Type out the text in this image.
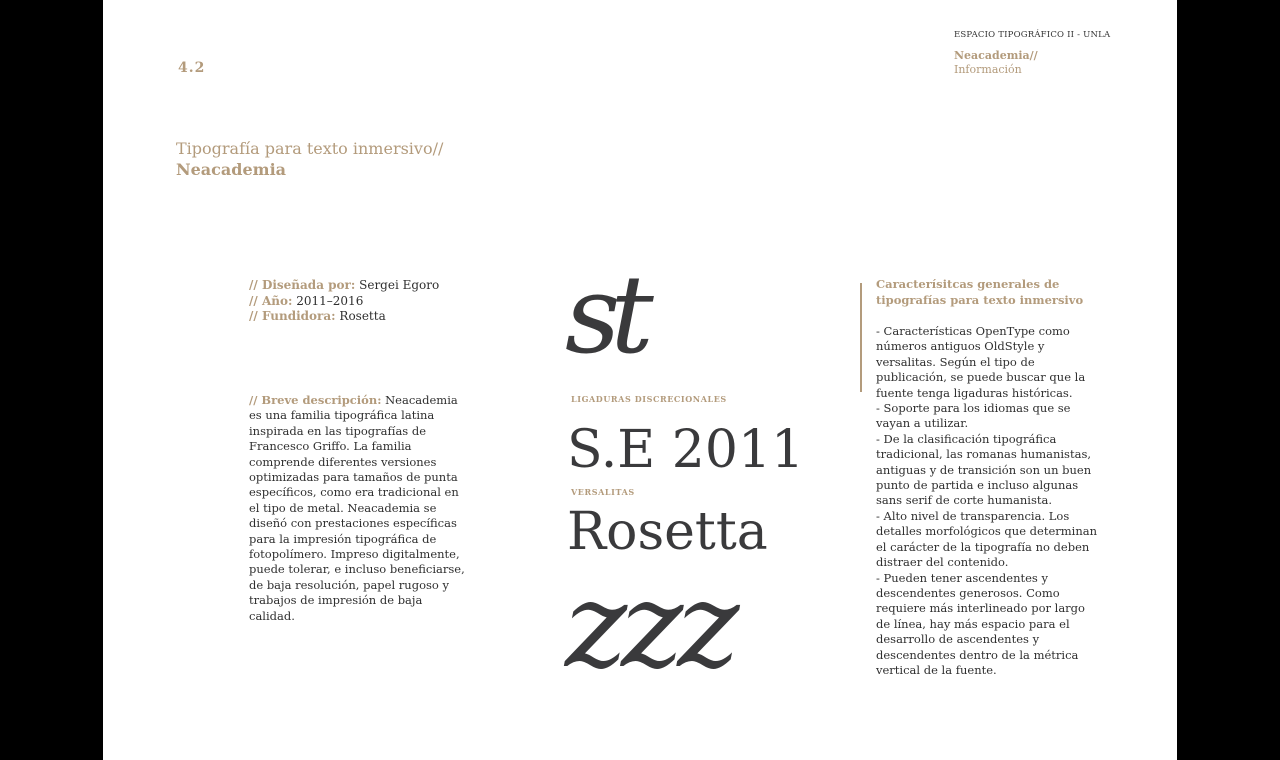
4.2
ESPACIO TIPOGRÁFICO II - UNLA
Neacademia//
Información
Tipografía para texto inmersivo//
Neacademia
// Diseñada por: Sergei Egoro
// Año: 2011–2016
// Fundidora: Rosetta
// Breve descripción: Neacademia es una familia tipográfica latina inspirada en las tipografías de Francesco Griffo. La familia comprende diferentes versiones optimizadas para tamaños de punta específicos, como era tradicional en el tipo de metal. Neacademia se diseñó con prestaciones específicas para la impresión tipográfica de fotopolímero. Impreso digitalmente, puede tolerar, e incluso beneficiarse, de baja resolución, papel rugoso y trabajos de impresión de baja calidad.
st
LIGADURAS DISCRECIONALES
S.E 2011
VERSALITAS
Rosetta
zzz
Caracterísitcas generales de tipografías para texto inmersivo
- Características OpenType como números antiguos OldStyle y versalitas. Según el tipo de publicación, se puede buscar que la fuente tenga ligaduras históricas.
- Soporte para los idiomas que se vayan a utilizar.
- De la clasificación tipográfica tradicional, las romanas humanistas, antiguas y de transición son un buen punto de partida e incluso algunas sans serif de corte humanista.
- Alto nivel de transparencia. Los detalles morfológicos que determinan el carácter de la tipografía no deben distraer del contenido.
- Pueden tener ascendentes y descendentes generosos. Como requiere más interlineado por largo de línea, hay más espacio para el desarrollo de ascendentes y descendentes dentro de la métrica vertical de la fuente.
